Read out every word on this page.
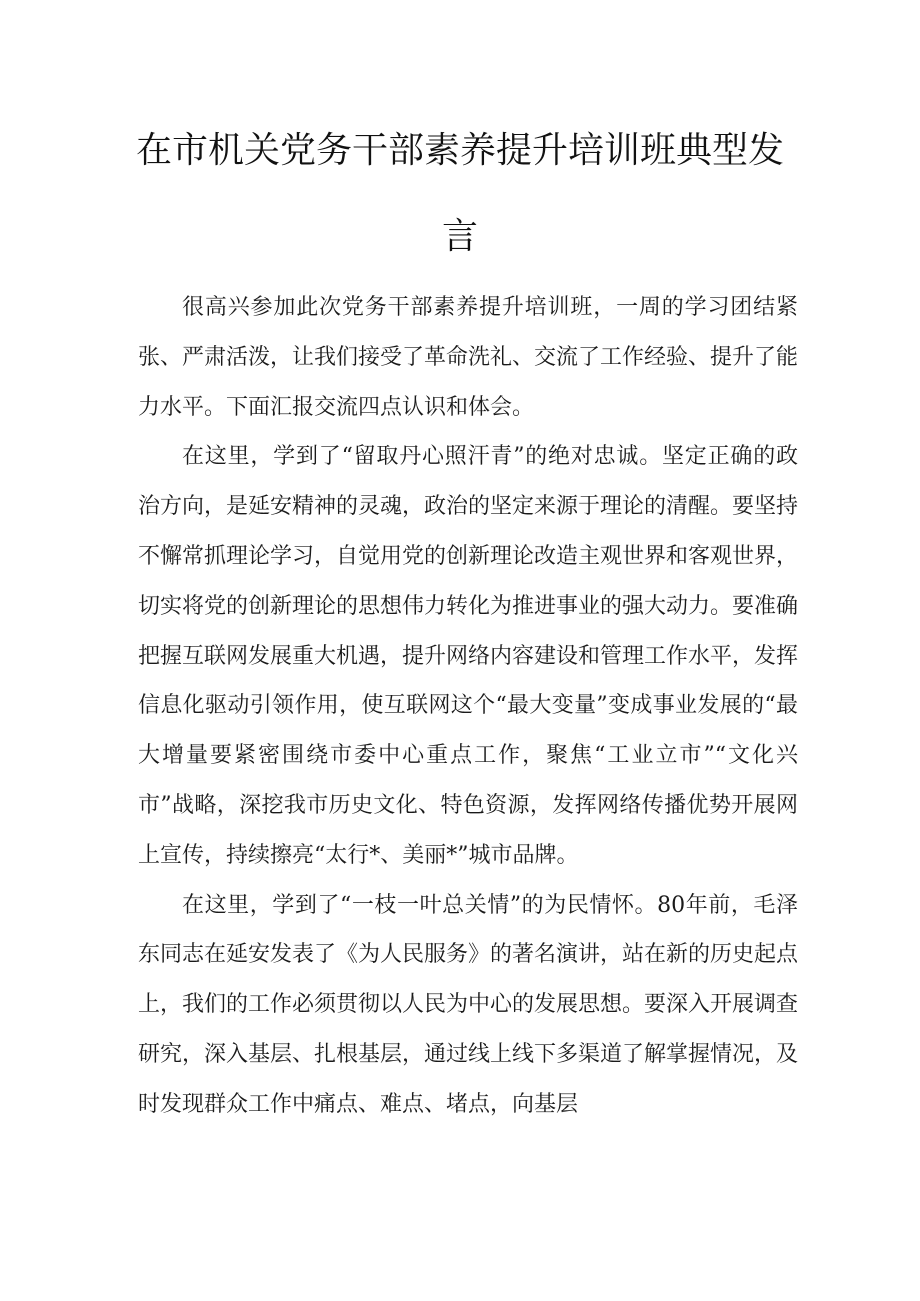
在市机关党务干部素养提升培训班典型发
言

很高兴参加此次党务干部素养提升培训班，一周的学习团结紧张、严肃活泼，让我们接受了革命洗礼、交流了工作经验、提升了能力水平。下面汇报交流四点认识和体会。

在这里，学到了“留取丹心照汗青”的绝对忠诚。坚定正确的政治方向，是延安精神的灵魂，政治的坚定来源于理论的清醒。要坚持不懈常抓理论学习，自觉用党的创新理论改造主观世界和客观世界，切实将党的创新理论的思想伟力转化为推进事业的强大动力。要准确把握互联网发展重大机遇，提升网络内容建设和管理工作水平，发挥信息化驱动引领作用，使互联网这个“最大变量”变成事业发展的“最大增量要紧密围绕市委中心重点工作，聚焦“工业立市”“文化兴市”战略，深挖我市历史文化、特色资源，发挥网络传播优势开展网上宣传，持续擦亮“太行*、美丽*”城市品牌。

在这里，学到了“一枝一叶总关情”的为民情怀。80年前，毛泽东同志在延安发表了《为人民服务》的著名演讲，站在新的历史起点上，我们的工作必须贯彻以人民为中心的发展思想。要深入开展调查研究，深入基层、扎根基层，通过线上线下多渠道了解掌握情况，及时发现群众工作中痛点、难点、堵点，向基层
